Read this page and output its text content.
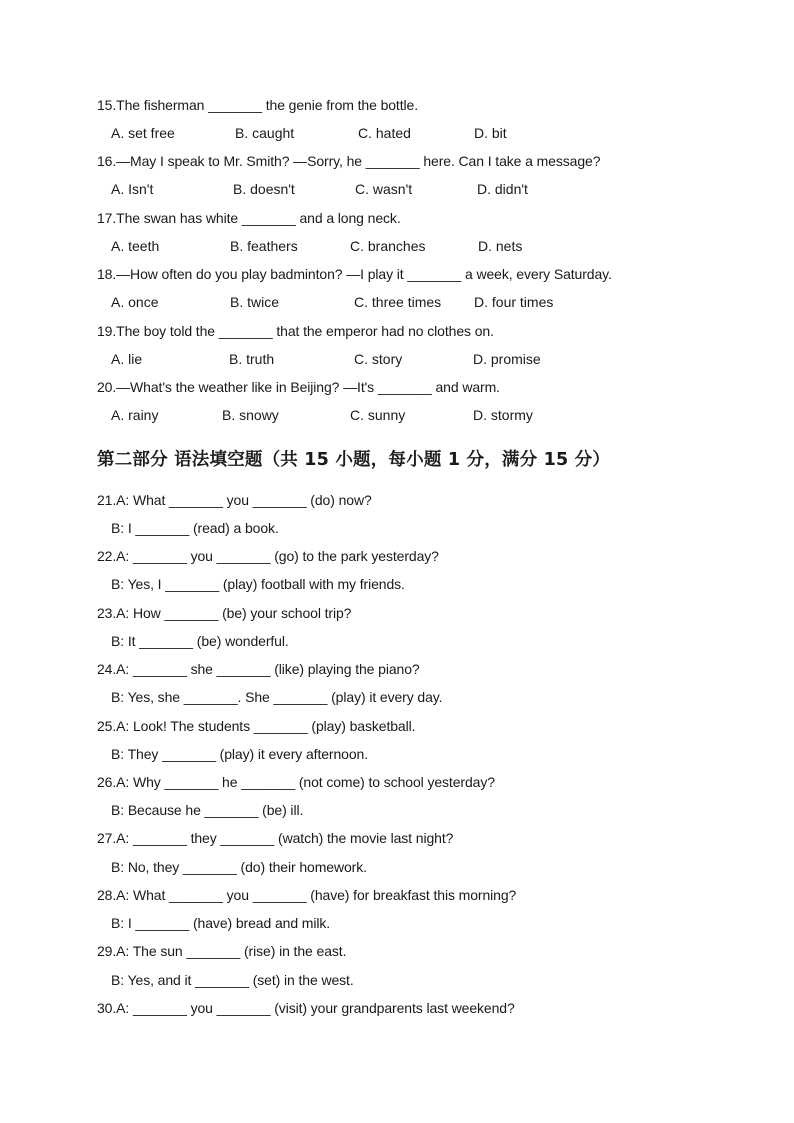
15.The fisherman _______ the genie from the bottle.
A. set free	B. caught	C. hated	D. bit
16.—May I speak to Mr. Smith? —Sorry, he _______ here. Can I take a message?
A. Isn't	B. doesn't	C. wasn't	D. didn't
17.The swan has white _______ and a long neck.
A. teeth	B. feathers	C. branches	D. nets
18.—How often do you play badminton? —I play it _______ a week, every Saturday.
A. once	B. twice	C. three times D. four times
19.The boy told the _______ that the emperor had no clothes on.
A. lie	B. truth	C. story	D. promise
20.—What's the weather like in Beijing? —It's _______ and warm.
A. rainy	B. snowy	C. sunny	D. stormy
第二部分 语法填空题（共 15 小题，每小题 1 分，满分 15 分）
21.A: What _______ you _______ (do) now?
B: I _______ (read) a book.
22.A: _______ you _______ (go) to the park yesterday?
B: Yes, I _______ (play) football with my friends.
23.A: How _______ (be) your school trip?
B: It _______ (be) wonderful.
24.A: _______ she _______ (like) playing the piano?
B: Yes, she _______. She _______ (play) it every day.
25.A: Look! The students _______ (play) basketball.
B: They _______ (play) it every afternoon.
26.A: Why _______ he _______ (not come) to school yesterday?
B: Because he _______ (be) ill.
27.A: _______ they _______ (watch) the movie last night?
B: No, they _______ (do) their homework.
28.A: What _______ you _______ (have) for breakfast this morning?
B: I _______ (have) bread and milk.
29.A: The sun _______ (rise) in the east.
B: Yes, and it _______ (set) in the west.
30.A: _______ you _______ (visit) your grandparents last weekend?
